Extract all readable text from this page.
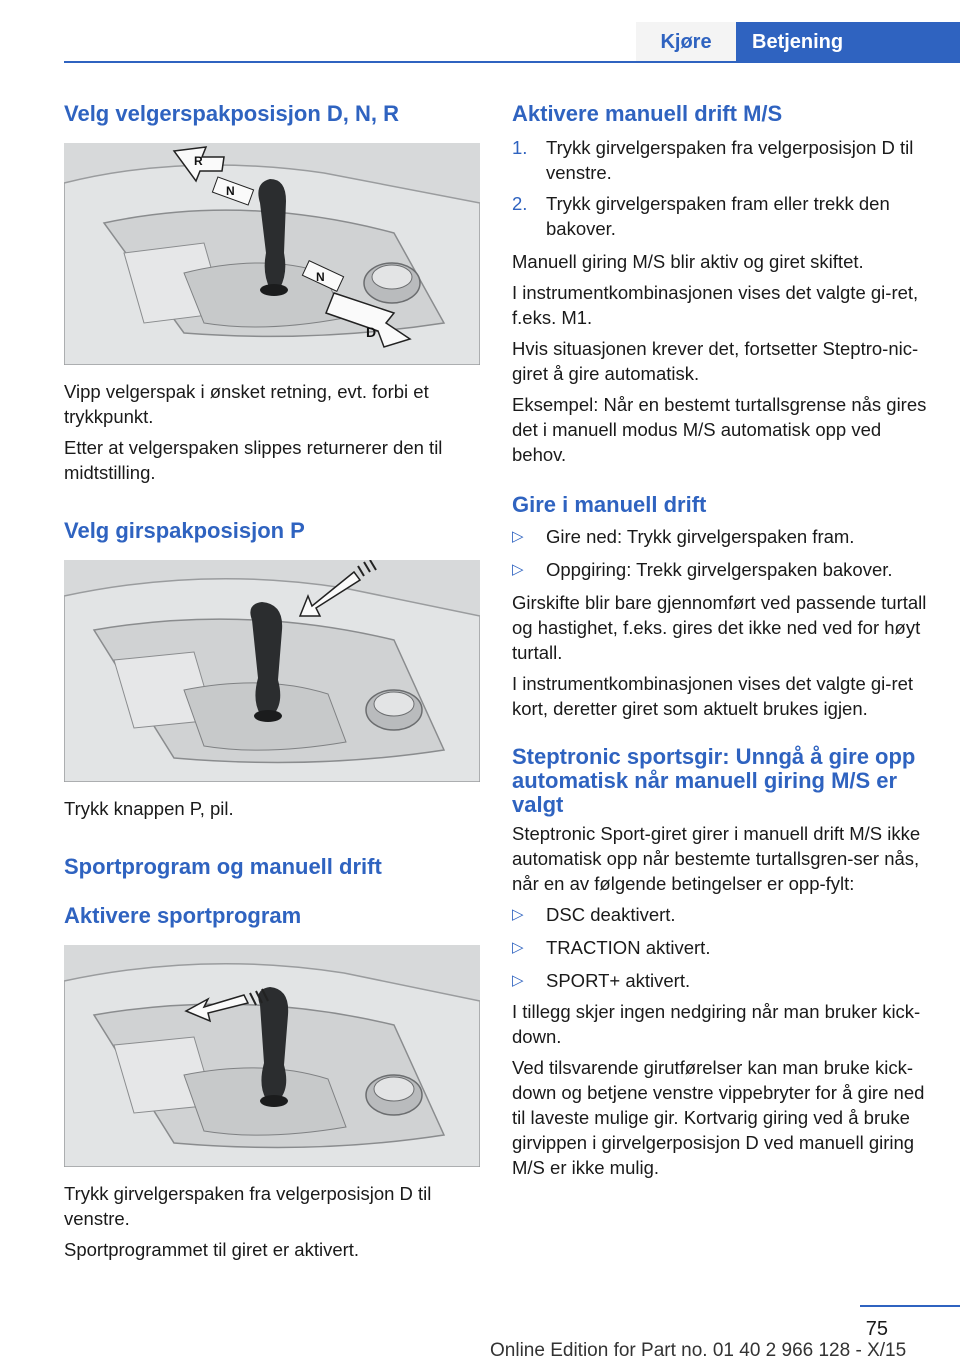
Kjøre	Betjening
Velg velgerspakposisjon D, N, R
R
N
N
D

Vipp velgerspak i ønsket retning, evt. forbi et trykkpunkt.

Etter at velgerspaken slippes returnerer den til midtstilling.

Velg girspakposisjon P

Trykk knappen P, pil.

Sportprogram og manuell drift
Aktivere sportprogram

Trykk girvelgerspaken fra velgerposisjon D til venstre.

Sportprogrammet til giret er aktivert.

Aktivere manuell drift M/S
1.	Trykk girvelgerspaken fra velgerposisjon D til venstre.
2.	Trykk girvelgerspaken fram eller trekk den bakover.

Manuell giring M/S blir aktiv og giret skiftet.

I instrumentkombinasjonen vises det valgte gi‐ret, f.eks. M1.

Hvis situasjonen krever det, fortsetter Steptro‐nic-giret å gire automatisk.

Eksempel: Når en bestemt turtallsgrense nås gires det i manuell modus M/S automatisk opp ved behov.

Gire i manuell drift
▷	Gire ned: Trykk girvelgerspaken fram.
▷	Oppgiring: Trekk girvelgerspaken bakover.

Girskifte blir bare gjennomført ved passende turtall og hastighet, f.eks. gires det ikke ned ved for høyt turtall.

I instrumentkombinasjonen vises det valgte gi‐ret kort, deretter giret som aktuelt brukes igjen.

Steptronic sportsgir: Unngå å gire opp automatisk når manuell giring M/S er valgt

Steptronic Sport-giret girer i manuell drift M/S ikke automatisk opp når bestemte turtallsgren‐ser nås, når en av følgende betingelser er opp‐fylt:

▷	DSC deaktivert.
▷	TRACTION aktivert.
▷	SPORT+ aktivert.

I tillegg skjer ingen nedgiring når man bruker kick-down.

Ved tilsvarende girutførelser kan man bruke kick-down og betjene venstre vippebryter for å gire ned til laveste mulige gir. Kortvarig giring ved å bruke girvippen i girvelgerposisjon D ved manuell giring M/S er ikke mulig.

75
Online Edition for Part no. 01 40 2 966 128 - X/15
